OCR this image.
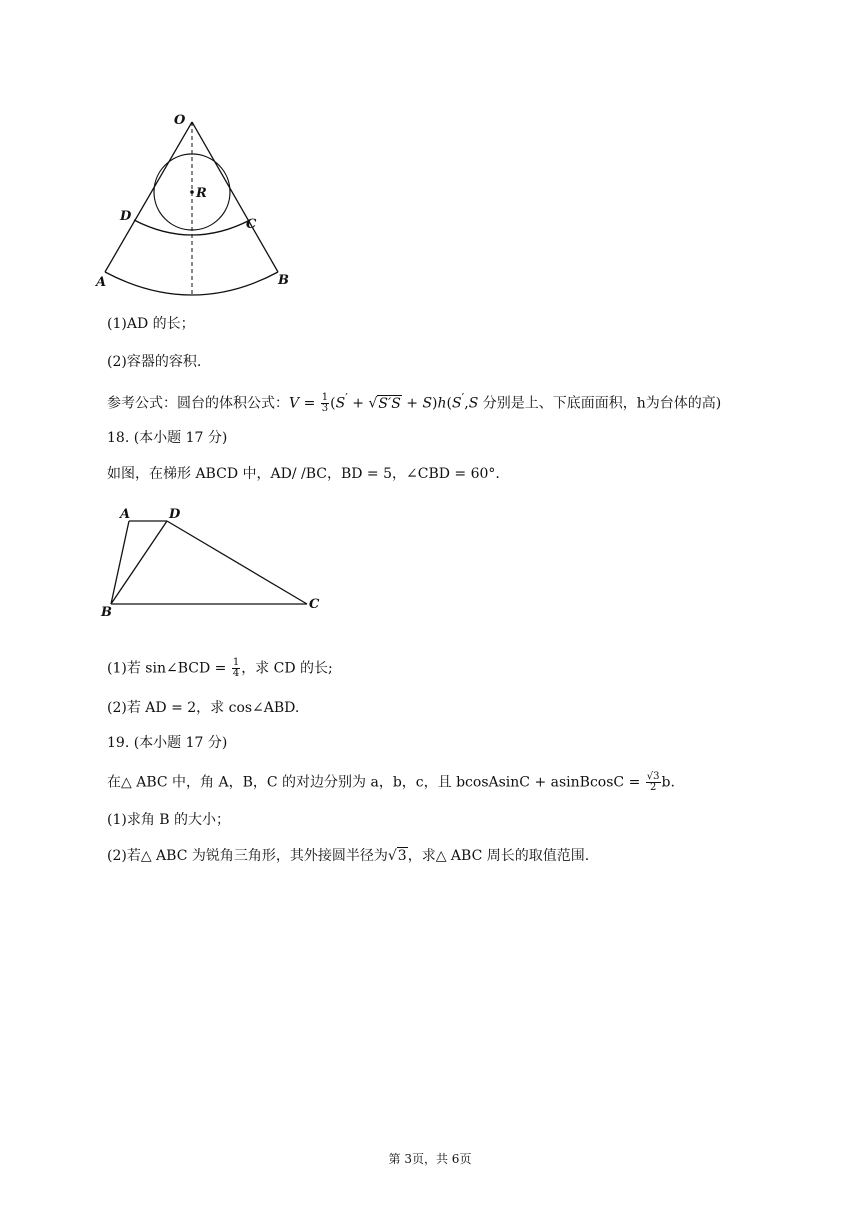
O
R
D
C
A	B
(1)AD 的长；
(2)容器的容积.
参考公式：圆台的体积公式：$V = \frac{1}{3} (S' + √S'S + S)h(S',S$ 分别是上、下底面面积，h为台体的高)
18. (本小题 17 分)
如图，在梯形 ABCD 中，AD/ /BC，BD = 5，∠CBD = 60°.
A	D
B
C
(1)若 sin∠BCD = $\frac{1}{4}$ ，求 CD 的长;
(2)若 AD = 2，求 cos∠ABD.
19. (本小题 17 分)
在△ ABC 中，角 A，B，C 的对边分别为 a，b，c，且 bcosAsinC + asinBcosC = $\frac{√3}{2} b$.
(1)求角 B 的大小；
(2)若△ ABC 为锐角三角形，其外接圆半径为√3，求△ ABC 周长的取值范围.
第 3页，共 6页
